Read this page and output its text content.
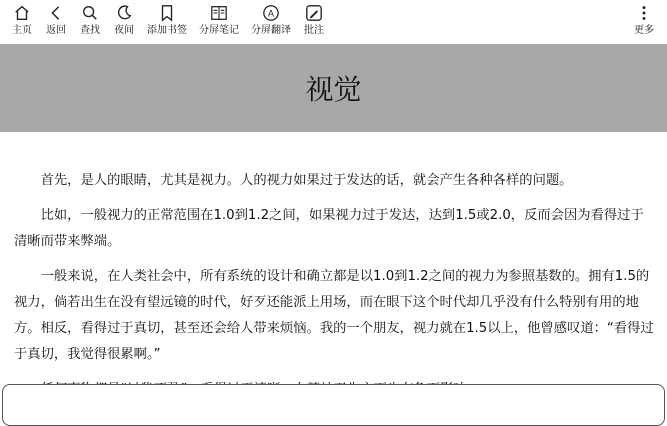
主页 返回 查找 夜间 添加书签 分屏笔记
A
分屏翻译 批注	更多
视觉

首先，是人的眼睛，尤其是视力。人的视力如果过于发达的话，就会产生各种各样的问题。

比如，一般视力的正常范围在1.0到1.2之间，如果视力过于发达，达到1.5或2.0，反而会因为看得过于清晰而带来弊端。

一般来说，在人类社会中，所有系统的设计和确立都是以1.0到1.2之间的视力为参照基数的。拥有1.5的视力，倘若出生在没有望远镜的时代，好歹还能派上用场，而在眼下这个时代却几乎没有什么特别有用的地方。相反，看得过于真切，甚至还会给人带来烦恼。我的一个朋友，视力就在1.5以上，他曾感叹道：“看得过于真切，我觉得很累啊。”
